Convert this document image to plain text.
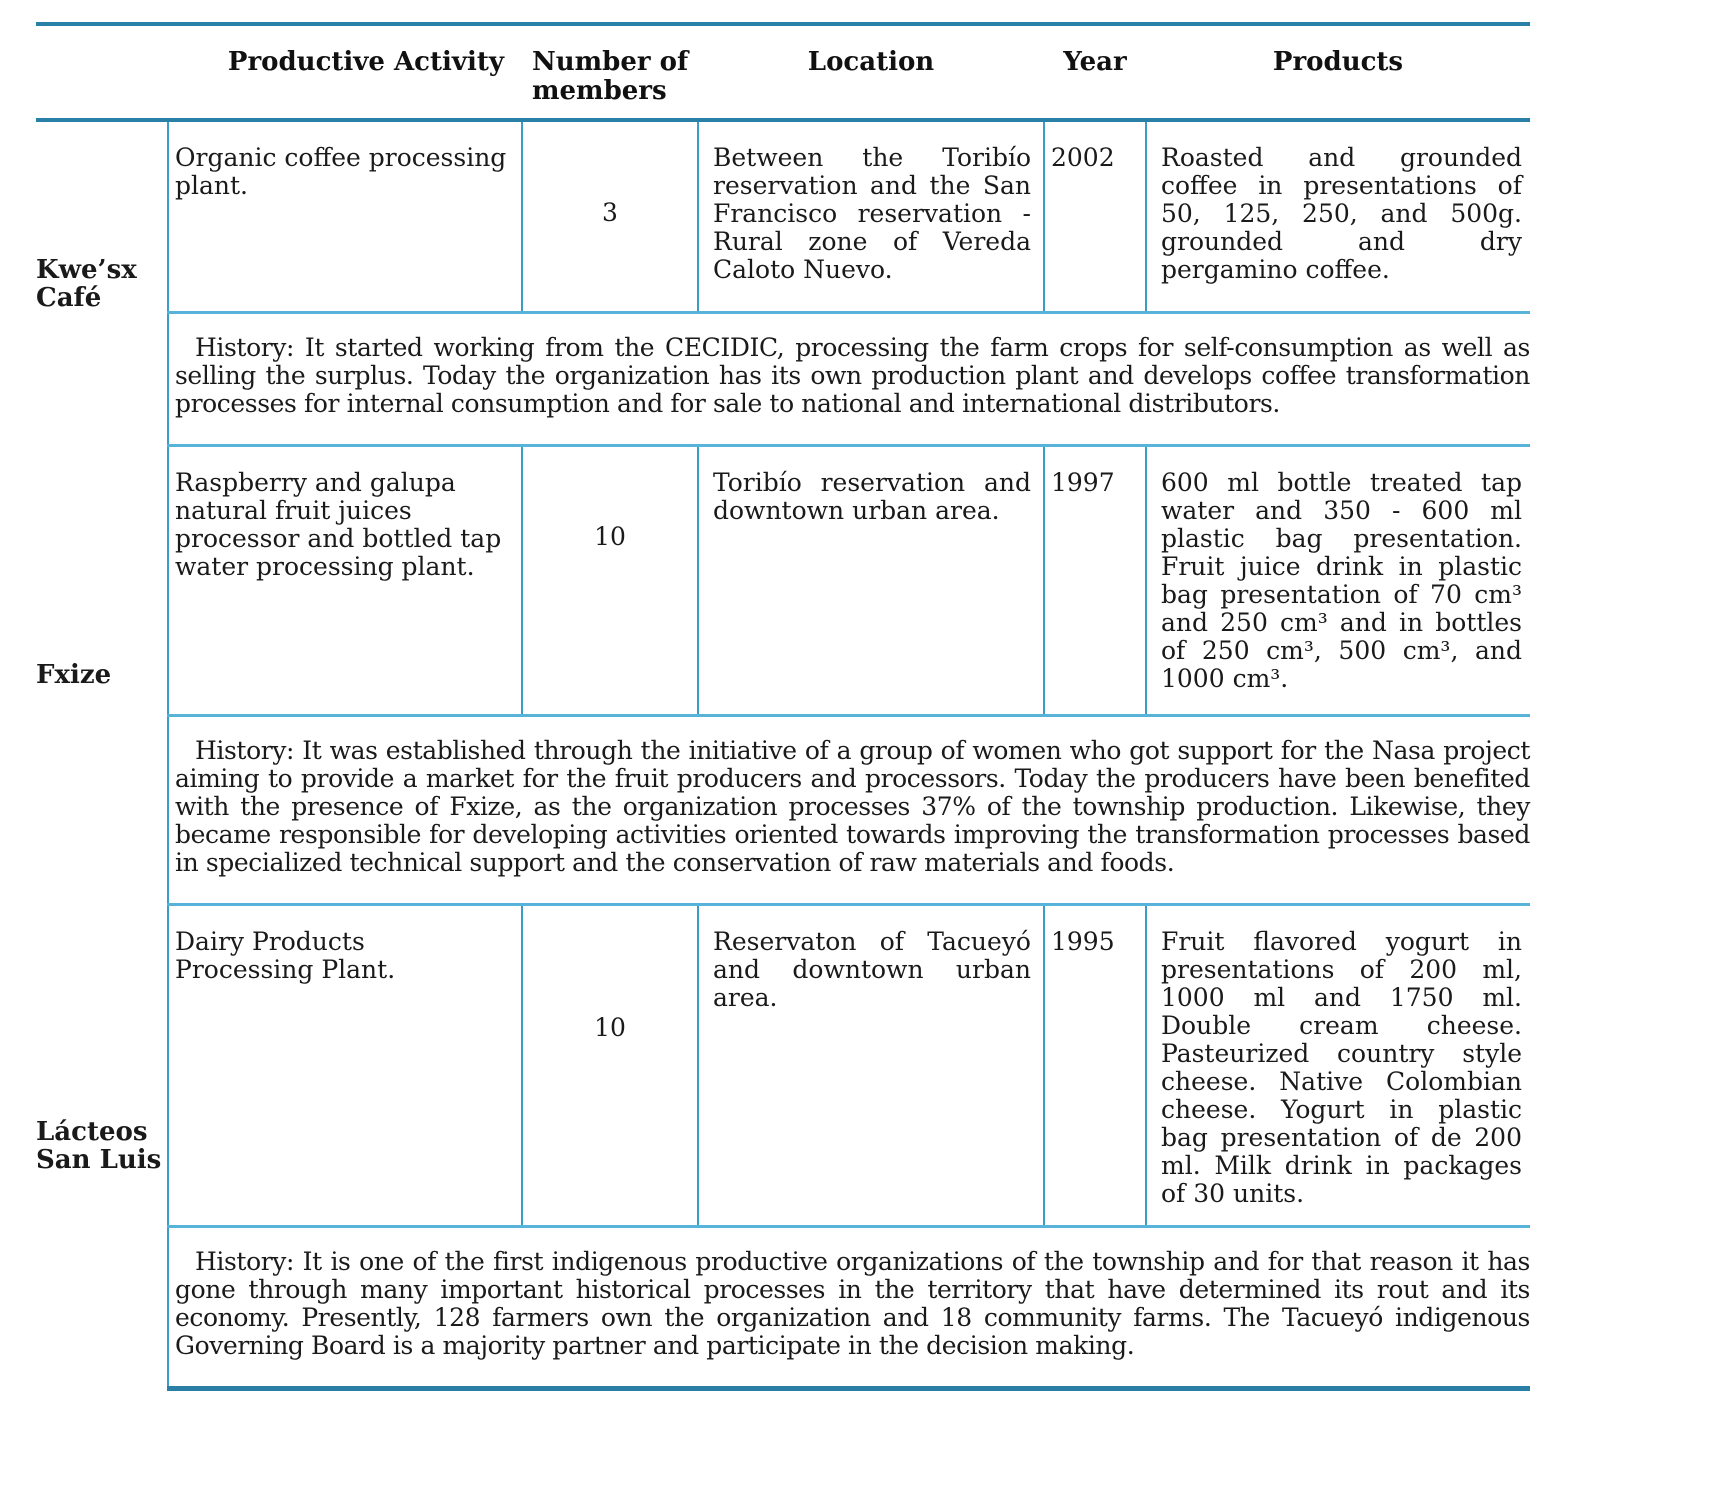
	Productive Activity	Number of members	Location	Year	Products

Kwe’sx Café	Organic coffee processing plant.	3	Between the Toribío reservation and the San Francisco reservation - Rural zone of Vereda Caloto Nuevo.	2002	Roasted and grounded coffee in presentations of 50, 125, 250, and 500g. grounded and dry pergamino coffee.

	History: It started working from the CECIDIC, processing the farm crops for self-consumption as well as selling the surplus. Today the organization has its own production plant and develops coffee transformation processes for internal consumption and for sale to national and international distributors.				

Fxize	Raspberry and galupa natural fruit juices processor and bottled tap water processing plant.	10	Toribío reservation and downtown urban area.	1997	600 ml bottle treated tap water and 350 - 600 ml plastic bag presentation. Fruit juice drink in plastic bag presentation of 70 cm³ and 250 cm³ and in bottles of 250 cm³, 500 cm³, and 1000 cm³.

	History: It was established through the initiative of a group of women who got support for the Nasa project aiming to provide a market for the fruit producers and processors. Today the producers have been benefited with the presence of Fxize, as the organization processes 37% of the township production. Likewise, they became responsible for developing activities oriented towards improving the transformation processes based in specialized technical support and the conservation of raw materials and foods.				

Lácteos San Luis	Dairy Products Processing Plant.	10	Reservaton of Tacueyó and downtown urban area.	1995	Fruit flavored yogurt in presentations of 200 ml, 1000 ml and 1750 ml. Double cream cheese. Pasteurized country style cheese. Native Colombian cheese. Yogurt in plastic bag presentation of de 200 ml. Milk drink in packages of 30 units.

	History: It is one of the first indigenous productive organizations of the township and for that reason it has gone through many important historical processes in the territory that have determined its rout and its economy. Presently, 128 farmers own the organization and 18 community farms. The Tacueyó indigenous Governing Board is a majority partner and participate in the decision making.				
